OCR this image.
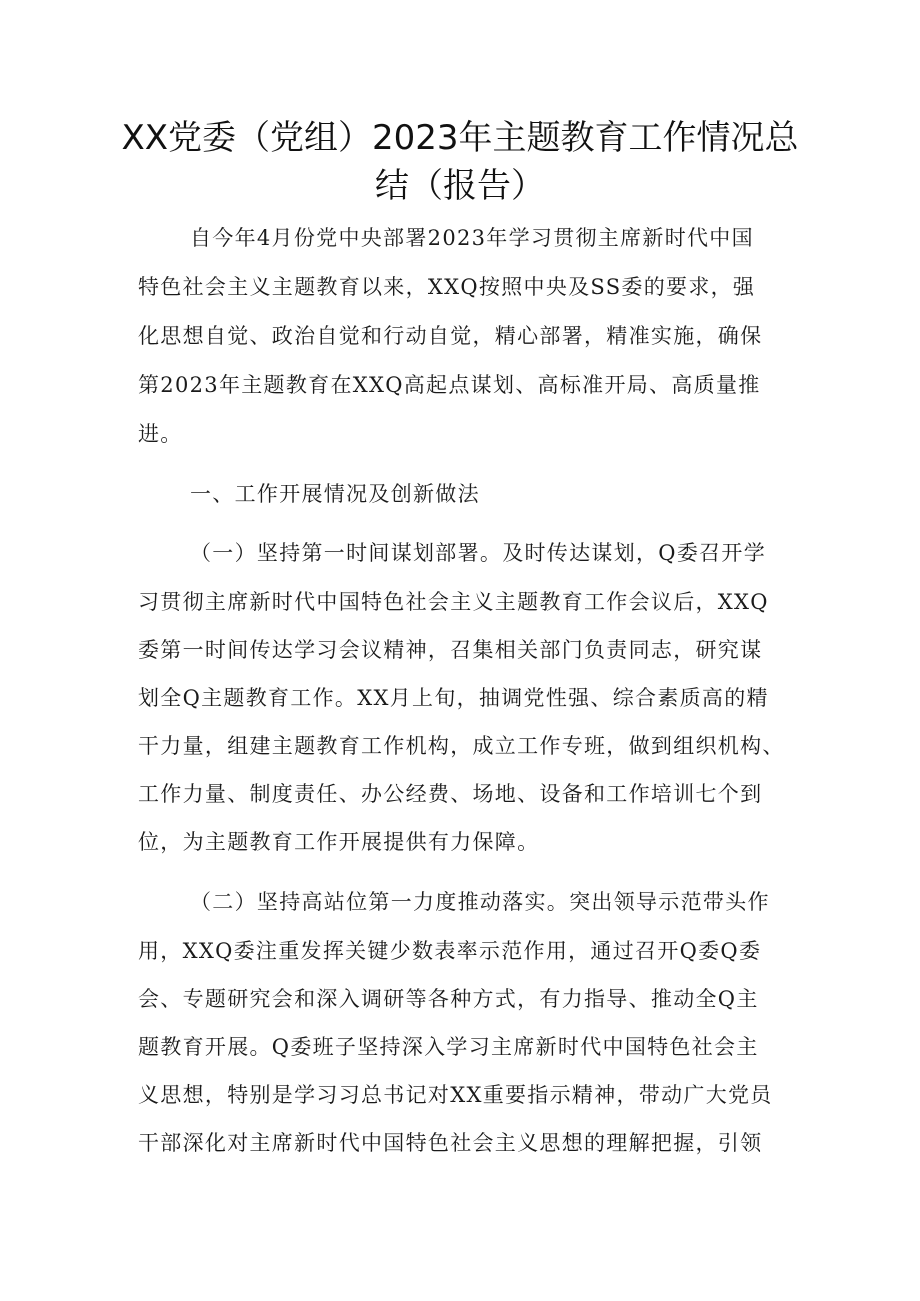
XX党委（党组）2023年主题教育工作情况总
结（报告）
自今年4月份党中央部署2023年学习贯彻主席新时代中国
特色社会主义主题教育以来，XXQ按照中央及SS委的要求，强
化思想自觉、政治自觉和行动自觉，精心部署，精准实施，确保
第2023年主题教育在XXQ高起点谋划、高标准开局、高质量推
进。
一、工作开展情况及创新做法
（一）坚持第一时间谋划部署。及时传达谋划，Q委召开学
习贯彻主席新时代中国特色社会主义主题教育工作会议后，XXQ
委第一时间传达学习会议精神，召集相关部门负责同志，研究谋
划全Q主题教育工作。XX月上旬，抽调党性强、综合素质高的精
干力量，组建主题教育工作机构，成立工作专班，做到组织机构、
工作力量、制度责任、办公经费、场地、设备和工作培训七个到
位，为主题教育工作开展提供有力保障。
（二）坚持高站位第一力度推动落实。突出领导示范带头作
用，XXQ委注重发挥关键少数表率示范作用，通过召开Q委Q委
会、专题研究会和深入调研等各种方式，有力指导、推动全Q主
题教育开展。Q委班子坚持深入学习主席新时代中国特色社会主
义思想，特别是学习习总书记对XX重要指示精神，带动广大党员
干部深化对主席新时代中国特色社会主义思想的理解把握，引领
